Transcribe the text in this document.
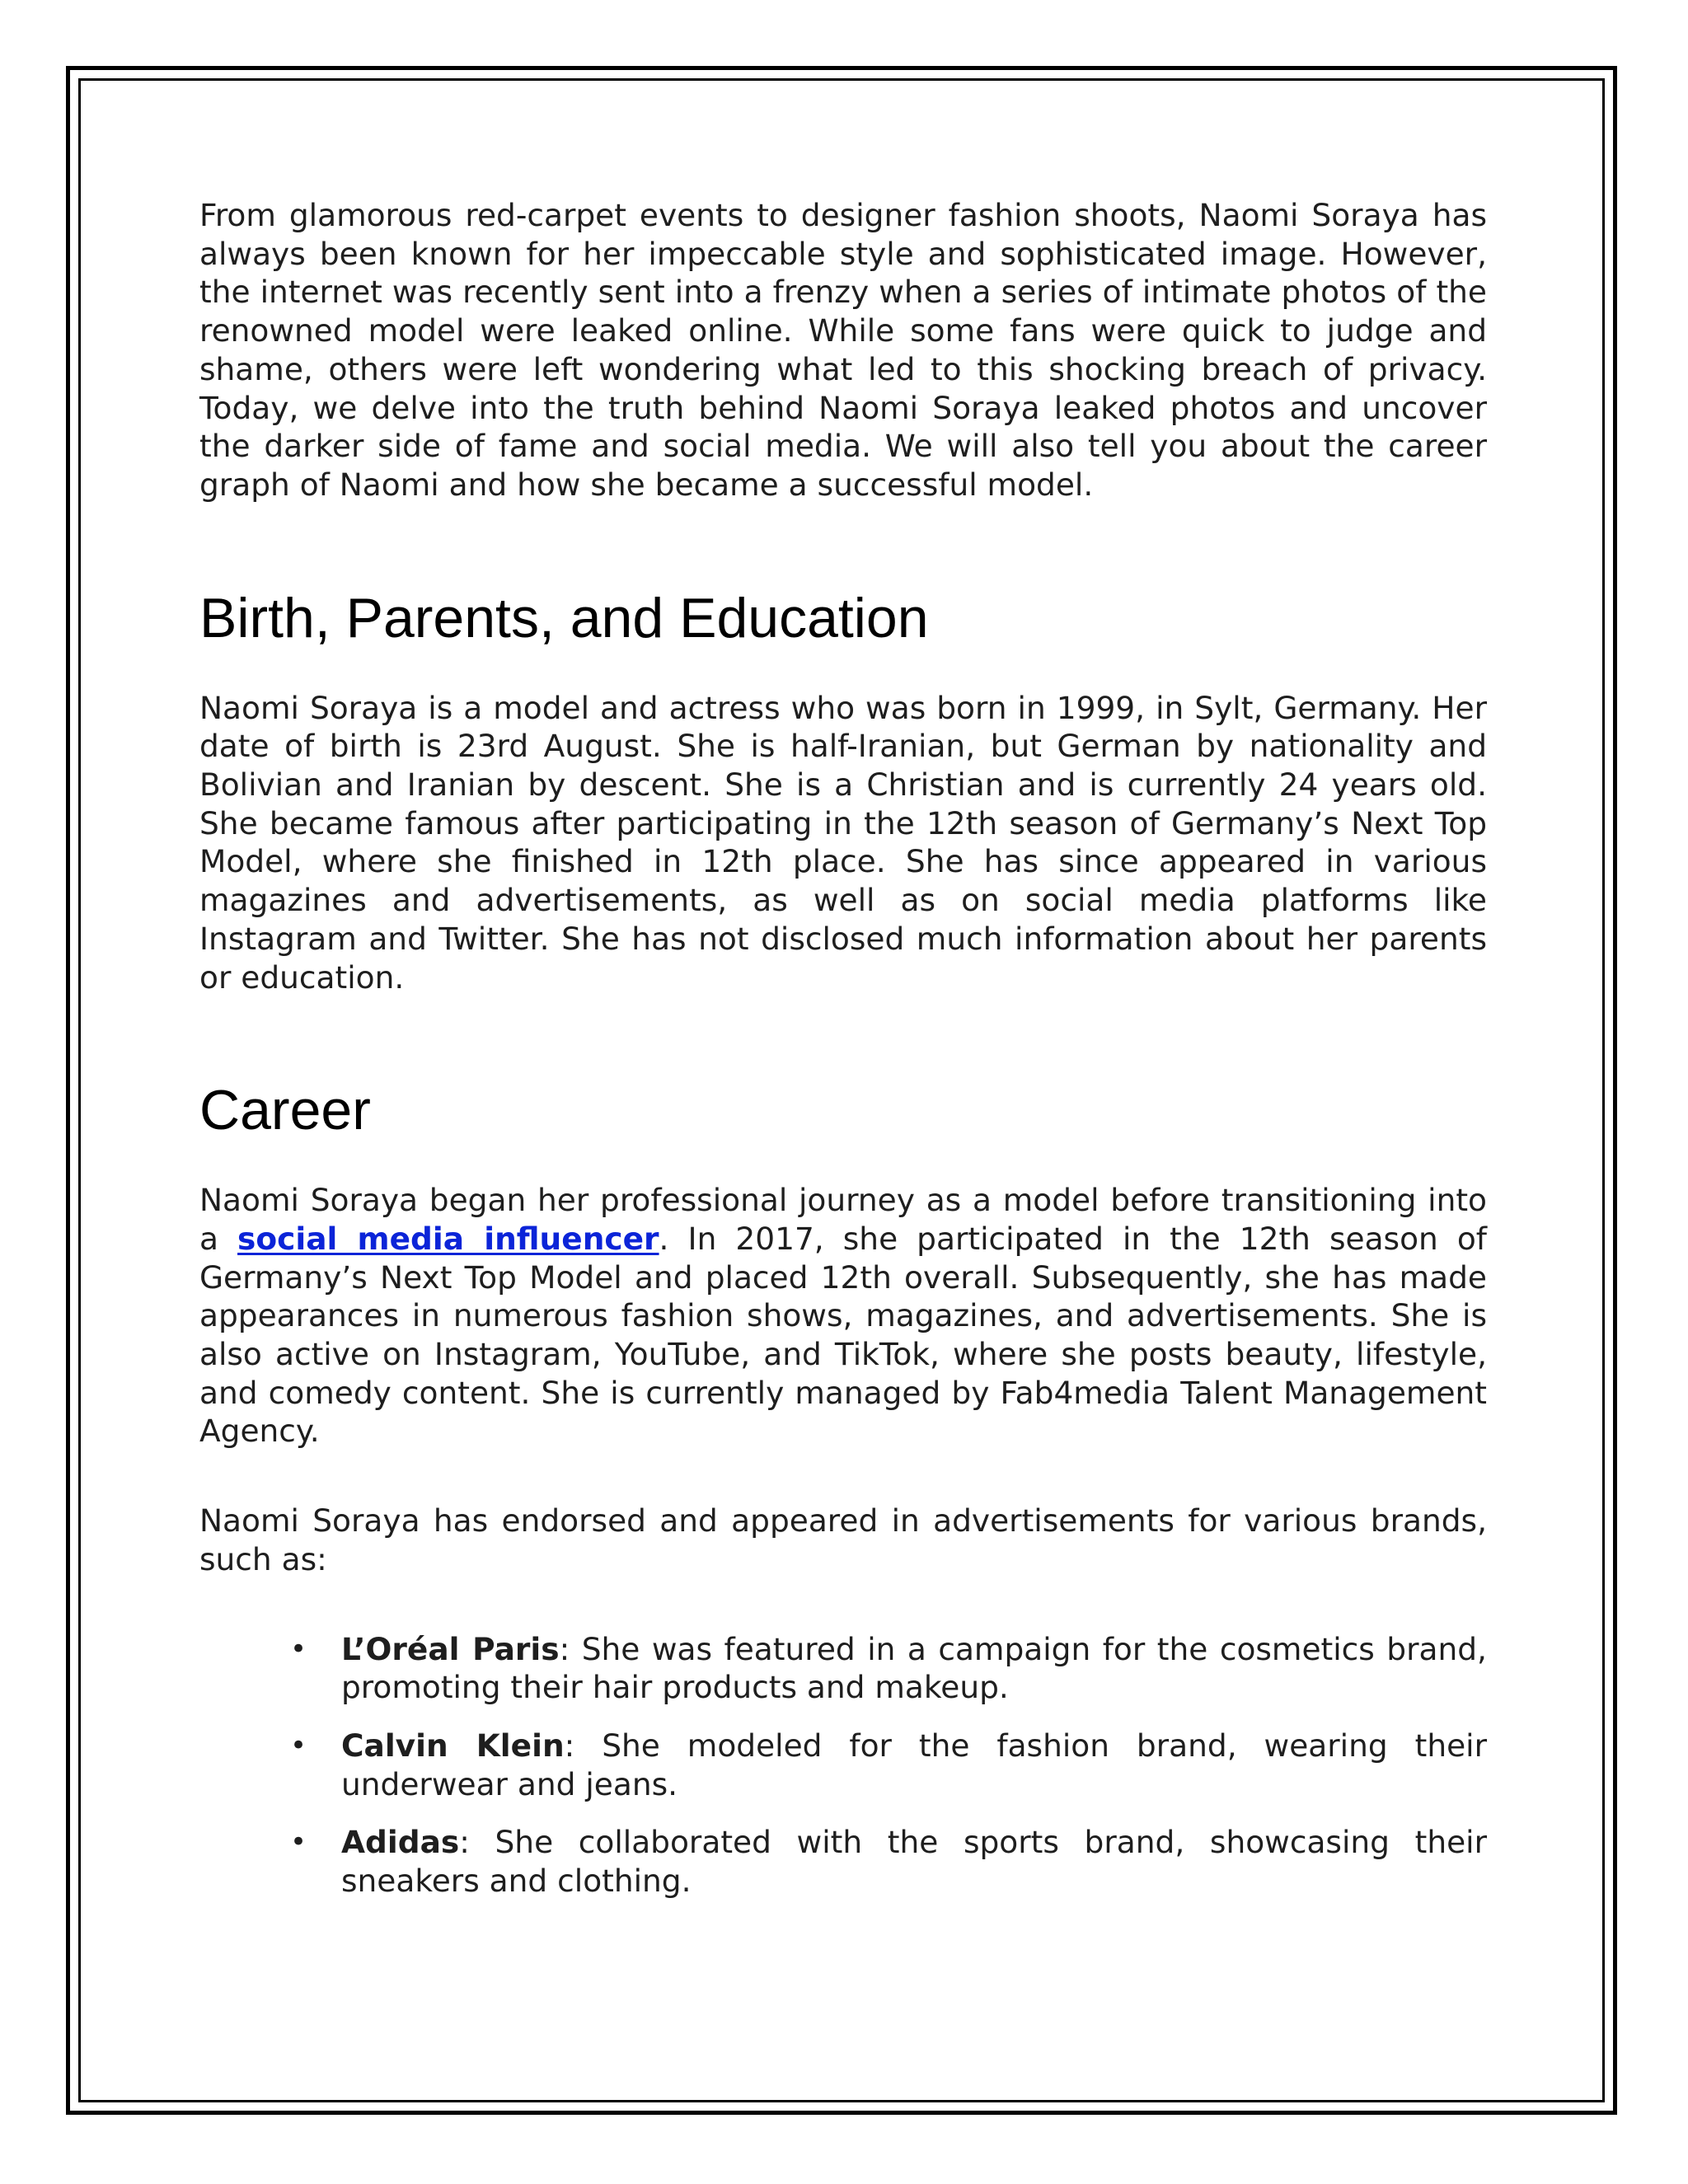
From glamorous red-carpet events to designer fashion shoots, Naomi Soraya has always been known for her impeccable style and sophisticated image. However, the internet was recently sent into a frenzy when a series of intimate photos of the renowned model were leaked online. While some fans were quick to judge and shame, others were left wondering what led to this shocking breach of privacy. Today, we delve into the truth behind Naomi Soraya leaked photos and uncover the darker side of fame and social media. We will also tell you about the career graph of Naomi and how she became a successful model.

Birth, Parents, and Education

Naomi Soraya is a model and actress who was born in 1999, in Sylt, Germany. Her date of birth is 23rd August. She is half-Iranian, but German by nationality and Bolivian and Iranian by descent. She is a Christian and is currently 24 years old. She became famous after participating in the 12th season of Germany’s Next Top Model, where she finished in 12th place. She has since appeared in various magazines and advertisements, as well as on social media platforms like Instagram and Twitter. She has not disclosed much information about her parents or education.

Career

Naomi Soraya began her professional journey as a model before transitioning into a social media influencer. In 2017, she participated in the 12th season of Germany’s Next Top Model and placed 12th overall. Subsequently, she has made appearances in numerous fashion shows, magazines, and advertisements. She is also active on Instagram, YouTube, and TikTok, where she posts beauty, lifestyle, and comedy content. She is currently managed by Fab4media Talent Management Agency.

Naomi Soraya has endorsed and appeared in advertisements for various brands, such as:

• L’Oréal Paris: She was featured in a campaign for the cosmetics brand, promoting their hair products and makeup.
• Calvin Klein: She modeled for the fashion brand, wearing their underwear and jeans.
• Adidas: She collaborated with the sports brand, showcasing their sneakers and clothing.
